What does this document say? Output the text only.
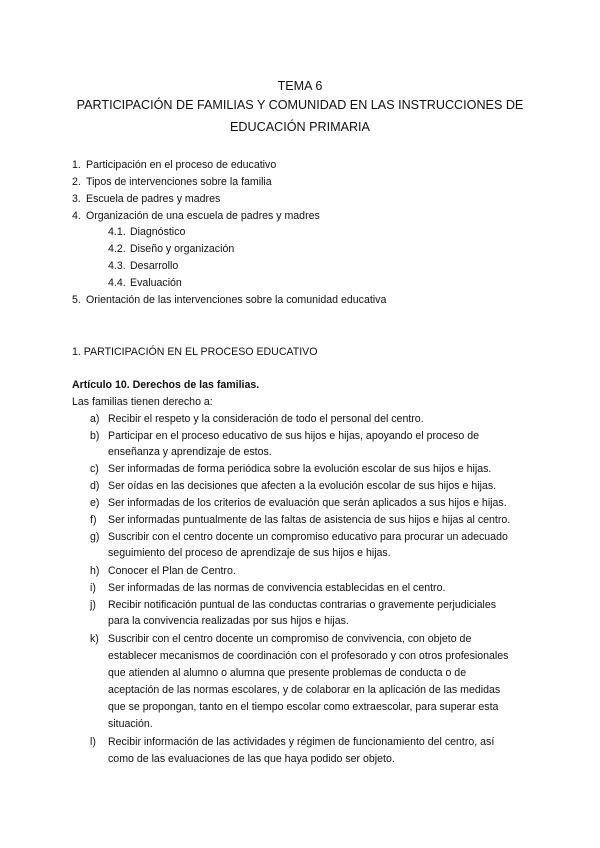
TEMA 6
PARTICIPACIÓN DE FAMILIAS Y COMUNIDAD EN LAS INSTRUCCIONES DE
EDUCACIÓN PRIMARIA
1. Participación en el proceso de educativo
2. Tipos de intervenciones sobre la familia
3. Escuela de padres y madres
4. Organización de una escuela de padres y madres
4.1. Diagnóstico
4.2. Diseño y organización
4.3. Desarrollo
4.4. Evaluación
5. Orientación de las intervenciones sobre la comunidad educativa
1. PARTICIPACIÓN EN EL PROCESO EDUCATIVO
Artículo 10. Derechos de las familias.
Las familias tienen derecho a:
a) Recibir el respeto y la consideración de todo el personal del centro.
b) Participar en el proceso educativo de sus hijos e hijas, apoyando el proceso de
enseñanza y aprendizaje de estos.
c) Ser informadas de forma periódica sobre la evolución escolar de sus hijos e hijas.
d) Ser oídas en las decisiones que afecten a la evolución escolar de sus hijos e hijas.
e) Ser informadas de los criterios de evaluación que serán aplicados a sus hijos e hijas.
f) Ser informadas puntualmente de las faltas de asistencia de sus hijos e hijas al centro.
g) Suscribir con el centro docente un compromiso educativo para procurar un adecuado
seguimiento del proceso de aprendizaje de sus hijos e hijas.
h) Conocer el Plan de Centro.
i) Ser informadas de las normas de convivencia establecidas en el centro.
j) Recibir notificación puntual de las conductas contrarias o gravemente perjudiciales
para la convivencia realizadas por sus hijos e hijas.
k) Suscribir con el centro docente un compromiso de convivencia, con objeto de
establecer mecanismos de coordinación con el profesorado y con otros profesionales
que atienden al alumno o alumna que presente problemas de conducta o de
aceptación de las normas escolares, y de colaborar en la aplicación de las medidas
que se propongan, tanto en el tiempo escolar como extraescolar, para superar esta
situación.
l) Recibir información de las actividades y régimen de funcionamiento del centro, así
como de las evaluaciones de las que haya podido ser objeto.
